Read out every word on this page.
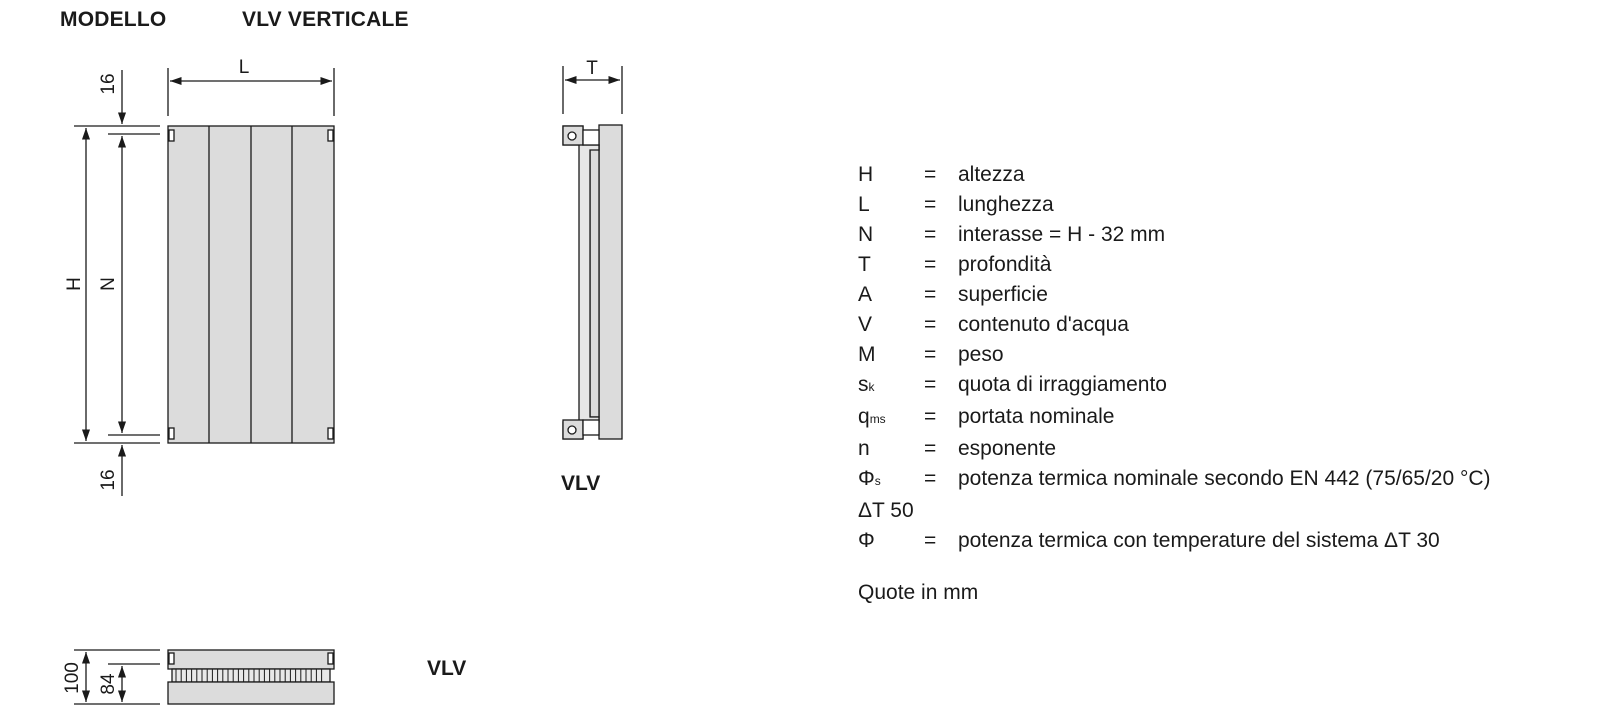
MODELLO	VLV VERTICALE
L
H N
16
16
T
100 84
VLV
VLV
H	=	altezza
L	=	lunghezza
N	=	interasse = H - 32 mm
T	=	profondità
A	=	superficie
V	=	contenuto d'acqua
M	=	peso
sk	=	quota di irraggiamento
qms	=	portata nominale
n	=	esponente
Φs	=	potenza termica nominale secondo EN 442 (75/65/20 °C)
ΔT 50
Φ	=	potenza termica con temperature del sistema ΔT 30
Quote in mm
